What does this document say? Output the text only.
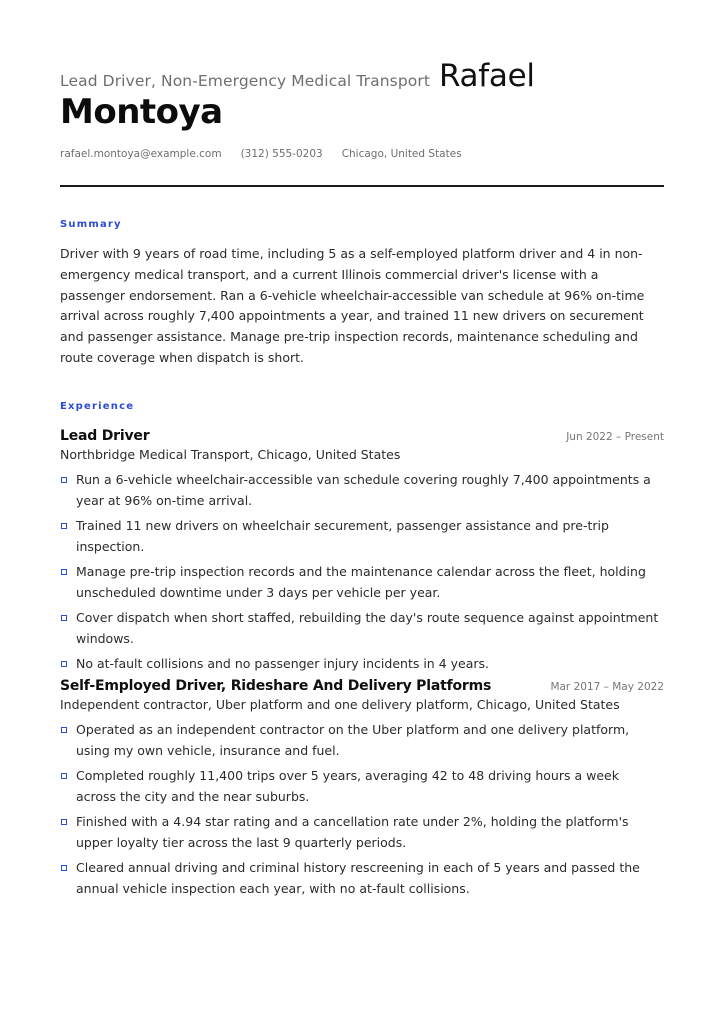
Lead Driver, Non-Emergency Medical Transport Rafael
Montoya
rafael.montoya@example.com (312) 555-0203 Chicago, United States
Summary
Driver with 9 years of road time, including 5 as a self-employed platform driver and 4 in non-emergency medical transport, and a current Illinois commercial driver's license with a passenger endorsement. Ran a 6-vehicle wheelchair-accessible van schedule at 96% on-time arrival across roughly 7,400 appointments a year, and trained 11 new drivers on securement and passenger assistance. Manage pre-trip inspection records, maintenance scheduling and route coverage when dispatch is short.
Experience
Lead Driver	Jun 2022 – Present
Northbridge Medical Transport, Chicago, United States
Run a 6-vehicle wheelchair-accessible van schedule covering roughly 7,400 appointments a year at 96% on-time arrival.
Trained 11 new drivers on wheelchair securement, passenger assistance and pre-trip inspection.
Manage pre-trip inspection records and the maintenance calendar across the fleet, holding unscheduled downtime under 3 days per vehicle per year.
Cover dispatch when short staffed, rebuilding the day's route sequence against appointment windows.
No at-fault collisions and no passenger injury incidents in 4 years.
Self-Employed Driver, Rideshare And Delivery Platforms	Mar 2017 – May 2022
Independent contractor, Uber platform and one delivery platform, Chicago, United States
Operated as an independent contractor on the Uber platform and one delivery platform, using my own vehicle, insurance and fuel.
Completed roughly 11,400 trips over 5 years, averaging 42 to 48 driving hours a week across the city and the near suburbs.
Finished with a 4.94 star rating and a cancellation rate under 2%, holding the platform's upper loyalty tier across the last 9 quarterly periods.
Cleared annual driving and criminal history rescreening in each of 5 years and passed the annual vehicle inspection each year, with no at-fault collisions.
